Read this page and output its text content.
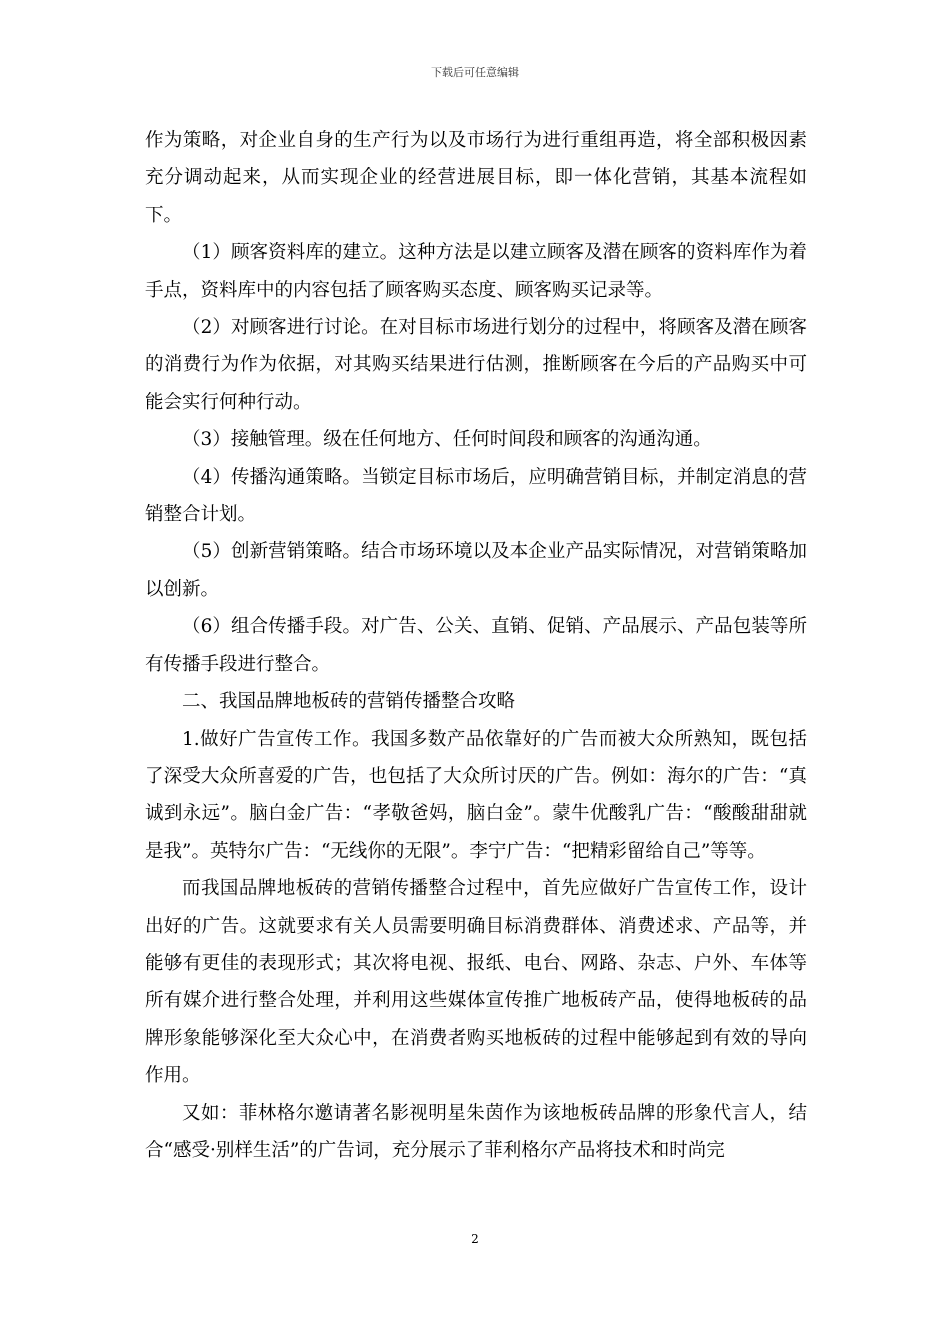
下载后可任意编辑

作为策略，对企业自身的生产行为以及市场行为进行重组再造，将全部积极因素充分调动起来，从而实现企业的经营进展目标，即一体化营销，其基本流程如下。

（1）顾客资料库的建立。这种方法是以建立顾客及潜在顾客的资料库作为着手点，资料库中的内容包括了顾客购买态度、顾客购买记录等。

（2）对顾客进行讨论。在对目标市场进行划分的过程中，将顾客及潜在顾客的消费行为作为依据，对其购买结果进行估测，推断顾客在今后的产品购买中可能会实行何种行动。

（3）接触管理。级在任何地方、任何时间段和顾客的沟通沟通。

（4）传播沟通策略。当锁定目标市场后，应明确营销目标，并制定消息的营销整合计划。

（5）创新营销策略。结合市场环境以及本企业产品实际情况，对营销策略加以创新。

（6）组合传播手段。对广告、公关、直销、促销、产品展示、产品包装等所有传播手段进行整合。

二、我国品牌地板砖的营销传播整合攻略

1.做好广告宣传工作。我国多数产品依靠好的广告而被大众所熟知，既包括了深受大众所喜爱的广告，也包括了大众所讨厌的广告。例如：海尔的广告：“真诚到永远”。脑白金广告：“孝敬爸妈，脑白金”。蒙牛优酸乳广告：“酸酸甜甜就是我”。英特尔广告：“无线你的无限”。李宁广告：“把精彩留给自己”等等。

而我国品牌地板砖的营销传播整合过程中，首先应做好广告宣传工作，设计出好的广告。这就要求有关人员需要明确目标消费群体、消费述求、产品等，并能够有更佳的表现形式；其次将电视、报纸、电台、网路、杂志、户外、车体等所有媒介进行整合处理，并利用这些媒体宣传推广地板砖产品，使得地板砖的品牌形象能够深化至大众心中，在消费者购买地板砖的过程中能够起到有效的导向作用。

又如：菲林格尔邀请著名影视明星朱茵作为该地板砖品牌的形象代言人，结合“感受·别样生活”的广告词，充分展示了菲利格尔产品将技术和时尚完

2
